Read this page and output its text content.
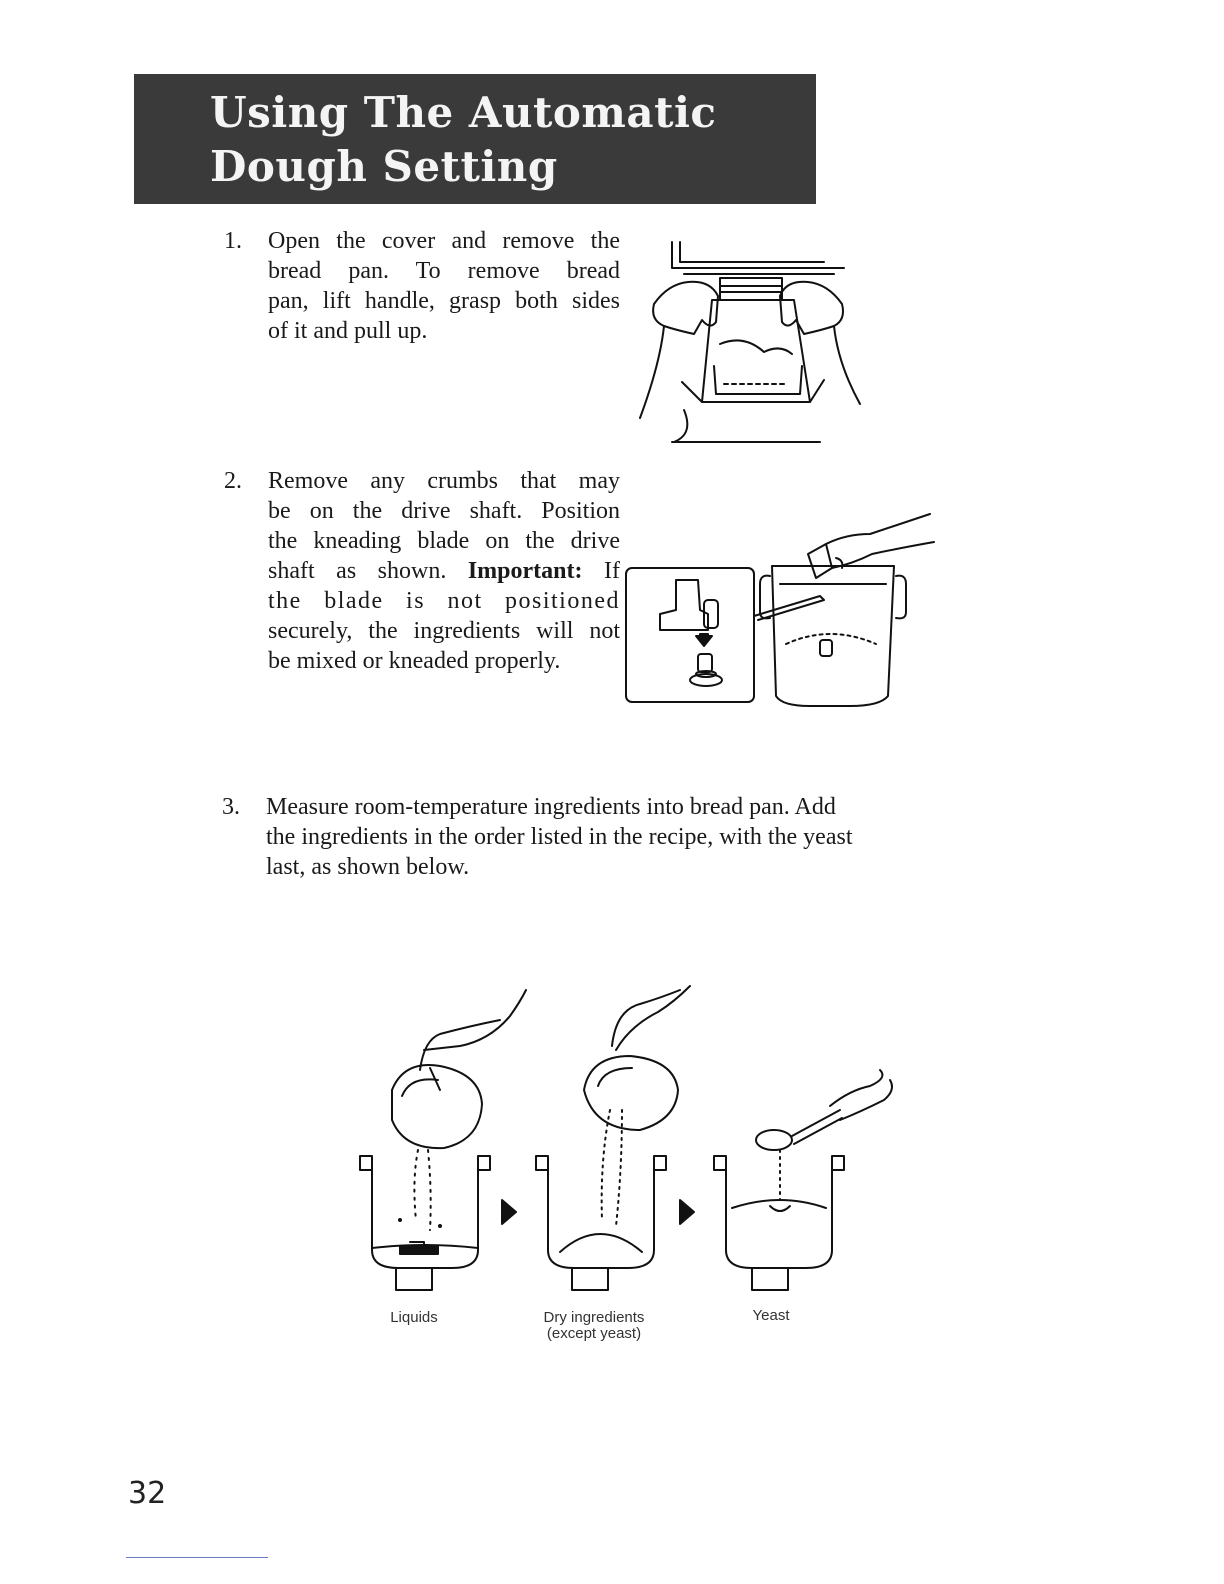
Using The Automatic
Dough Setting
1. Open the cover and remove the
bread pan. To remove bread
pan, lift handle, grasp both sides
of it and pull up.
2. Remove any crumbs that may
be on the drive shaft. Position
the kneading blade on the drive
shaft as shown. Important: If
the blade is not positioned
securely, the ingredients will not
be mixed or kneaded properly.
3. Measure room-temperature ingredients into bread pan. Add
the ingredients in the order listed in the recipe, with the yeast
last, as shown below.
Liquids	Dry ingredients
(except yeast)
Yeast
32
